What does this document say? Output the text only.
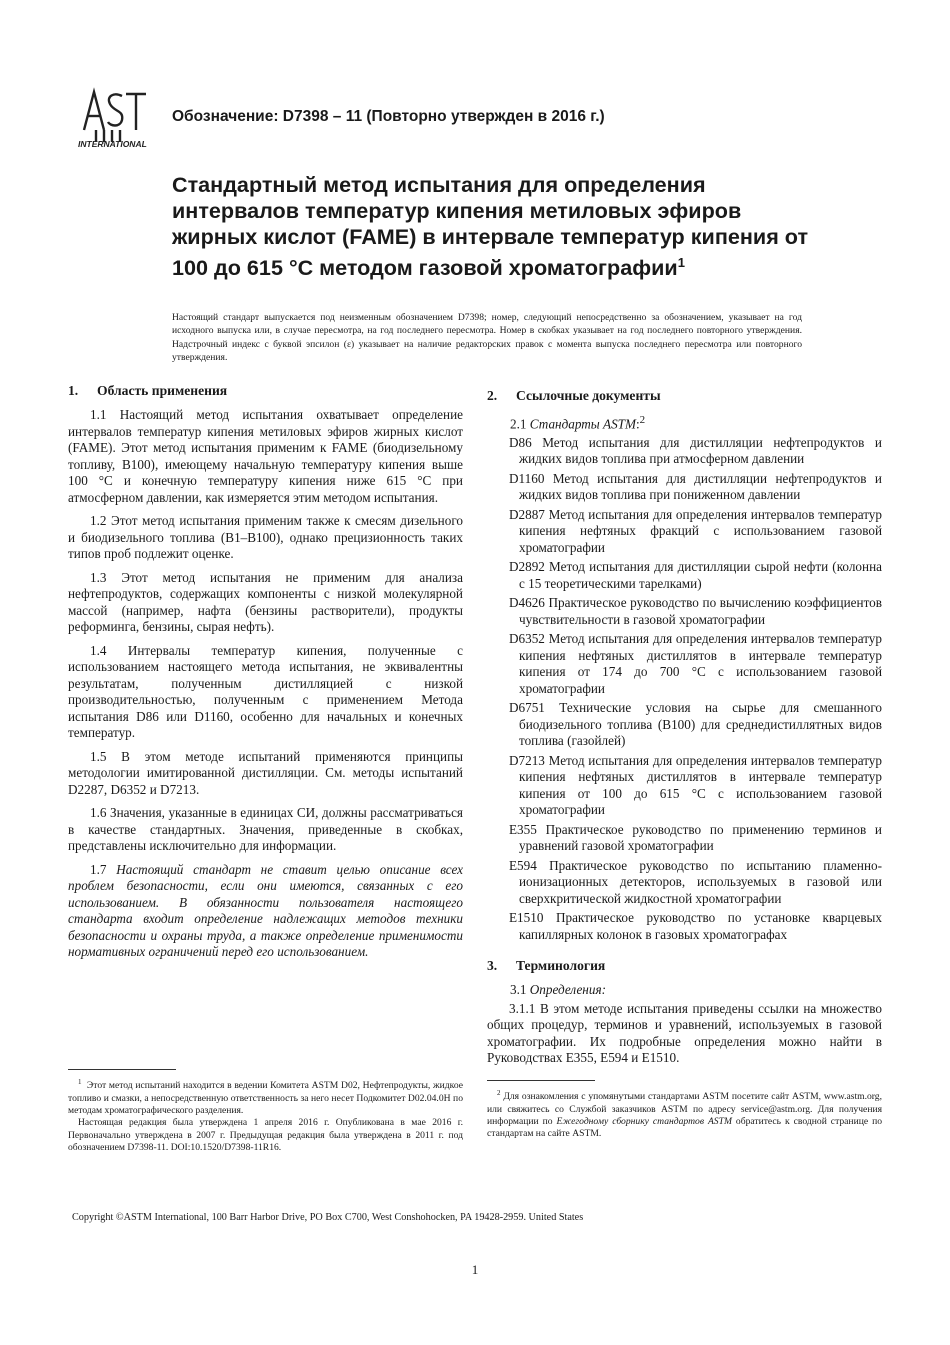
INTERNATIONAL
Обозначение: D7398 – 11 (Повторно утвержден в 2016 г.)
Стандартный метод испытания для определения интервалов температур кипения метиловых эфиров жирных кислот (FAME) в интервале температур кипения от 100 до 615 °C методом газовой хроматографии$^1$
Настоящий стандарт выпускается под неизменным обозначением D7398; номер, следующий непосредственно за обозначением, указывает на год исходного выпуска или, в случае пересмотра, на год последнего пересмотра. Номер в скобках указывает на год последнего повторного утверждения. Надстрочный индекс с буквой эпсилон (ε) указывает на наличие редакторских правок с момента выпуска последнего пересмотра или повторного утверждения.
1. Область применения

1.1 Настоящий метод испытания охватывает определение интервалов температур кипения метиловых эфиров жирных кислот (FAME). Этот метод испытания применим к FAME (биодизельному топливу, B100), имеющему начальную температуру кипения выше 100 °C и конечную температуру кипения ниже 615 °C при атмосферном давлении, как измеряется этим методом испытания.

1.2 Этот метод испытания применим также к смесям дизельного и биодизельного топлива (B1–B100), однако прецизионность таких типов проб подлежит оценке.

1.3 Этот метод испытания не применим для анализа нефтепродуктов, содержащих компоненты с низкой молекулярной массой (например, нафта (бензины растворители), продукты реформинга, бензины, сырая нефть).

1.4 Интервалы температур кипения, полученные с использованием настоящего метода испытания, не эквивалентны результатам, полученным дистилляцией с низкой производительностью, полученным с применением Метода испытания D86 или D1160, особенно для начальных и конечных температур.

1.5 В этом методе испытаний применяются принципы методологии имитированной дистилляции. См. методы испытаний D2287, D6352 и D7213.

1.6 Значения, указанные в единицах СИ, должны рассматриваться в качестве стандартных. Значения, приведенные в скобках, представлены исключительно для информации.

1.7 Настоящий стандарт не ставит целью описание всех проблем безопасности, если они имеются, связанных с его использованием. В обязанности пользователя настоящего стандарта входит определение надлежащих методов техники безопасности и охраны труда, а также определение применимости нормативных ограничений перед его использованием.

2. Ссылочные документы
2.1 Стандарты ASTM:$^2$
D86 Метод испытания для дистилляции нефтепродуктов и жидких видов топлива при атмосферном давлении
D1160 Метод испытания для дистилляции нефтепродуктов и жидких видов топлива при пониженном давлении
D2887 Метод испытания для определения интервалов температур кипения нефтяных фракций с использованием газовой хроматографии
D2892 Метод испытания для дистилляции сырой нефти (колонна с 15 теоретическими тарелками)
D4626 Практическое руководство по вычислению коэффициентов чувствительности в газовой хроматографии
D6352 Метод испытания для определения интервалов температур кипения нефтяных дистиллятов в интервале температур кипения от 174 до 700 °C с использованием газовой хроматографии
D6751 Технические условия на сырье для смешанного биодизельного топлива (B100) для среднедистиллятных видов топлива (газойлей)
D7213 Метод испытания для определения интервалов температур кипения нефтяных дистиллятов в интервале температур кипения от 100 до 615 °C с использованием газовой хроматографии
E355 Практическое руководство по применению терминов и уравнений газовой хроматографии
E594 Практическое руководство по испытанию пламенно-ионизационных детекторов, используемых в газовой или сверхкритической жидкостной хроматографии
E1510 Практическое руководство по установке кварцевых капиллярных колонок в газовых хроматографах
3. Терминология
3.1 Определения:

3.1.1 В этом методе испытания приведены ссылки на множество общих процедур, терминов и уравнений, используемых в газовой хроматографии. Их подробные определения можно найти в Руководствах E355, E594 и E1510.

$^1$ Этот метод испытаний находится в ведении Комитета ASTM D02, Нефтепродукты, жидкое топливо и смазки, а непосредственную ответственность за него несет Подкомитет D02.04.0H по методам хроматографического разделения.
Настоящая редакция была утверждена 1 апреля 2016 г. Опубликована в мае 2016 г. Первоначально утверждена в 2007 г. Предыдущая редакция была утверждена в 2011 г. под обозначением D7398-11. DOI:10.1520/D7398-11R16.
$^2$ Для ознакомления с упомянутыми стандартами ASTM посетите сайт ASTM, www.astm.org, или свяжитесь со Службой заказчиков ASTM по адресу service@astm.org. Для получения информации по Ежегодному сборнику стандартов ASTM обратитесь к сводной странице по стандартам на сайте ASTM.
Copyright ©ASTM International, 100 Barr Harbor Drive, PO Box C700, West Conshohocken, PA 19428-2959. United States
1
